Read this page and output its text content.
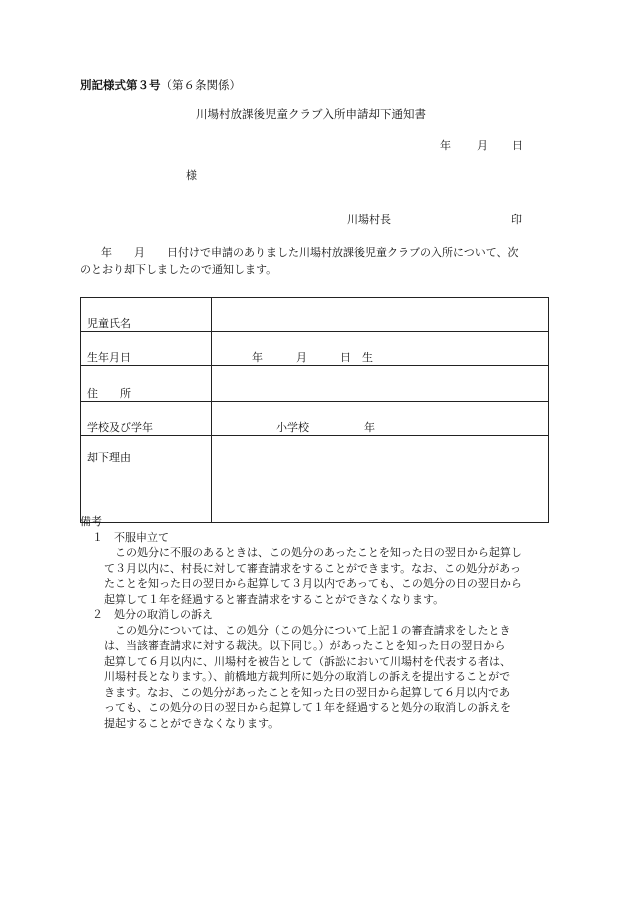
別記様式第３号（第６条関係）
川場村放課後児童クラブ入所申請却下通知書
年 月 日
様
川場村長	印
年　　月　　日付けで申請のありました川場村放課後児童クラブの入所について、次
のとおり却下しましたので通知します。
児童氏名	
生年月日	年　　　月　　　日　生

住　　所	
学校及び学年	小学校　　　　　年

却下理由	
備考
１　不服申立て
　この処分に不服のあるときは、この処分のあったことを知った日の翌日から起算し
て３月以内に、村長に対して審査請求をすることができます。なお、この処分があっ
たことを知った日の翌日から起算して３月以内であっても、この処分の日の翌日から
起算して１年を経過すると審査請求をすることができなくなります。
２　処分の取消しの訴え
　この処分については、この処分（この処分について上記１の審査請求をしたとき
は、当該審査請求に対する裁決。以下同じ。）があったことを知った日の翌日から
起算して６月以内に、川場村を被告として（訴訟において川場村を代表する者は、
川場村長となります。）、前橋地方裁判所に処分の取消しの訴えを提出することがで
きます。なお、この処分があったことを知った日の翌日から起算して６月以内であ
っても、この処分の日の翌日から起算して１年を経過すると処分の取消しの訴えを
提起することができなくなります。
